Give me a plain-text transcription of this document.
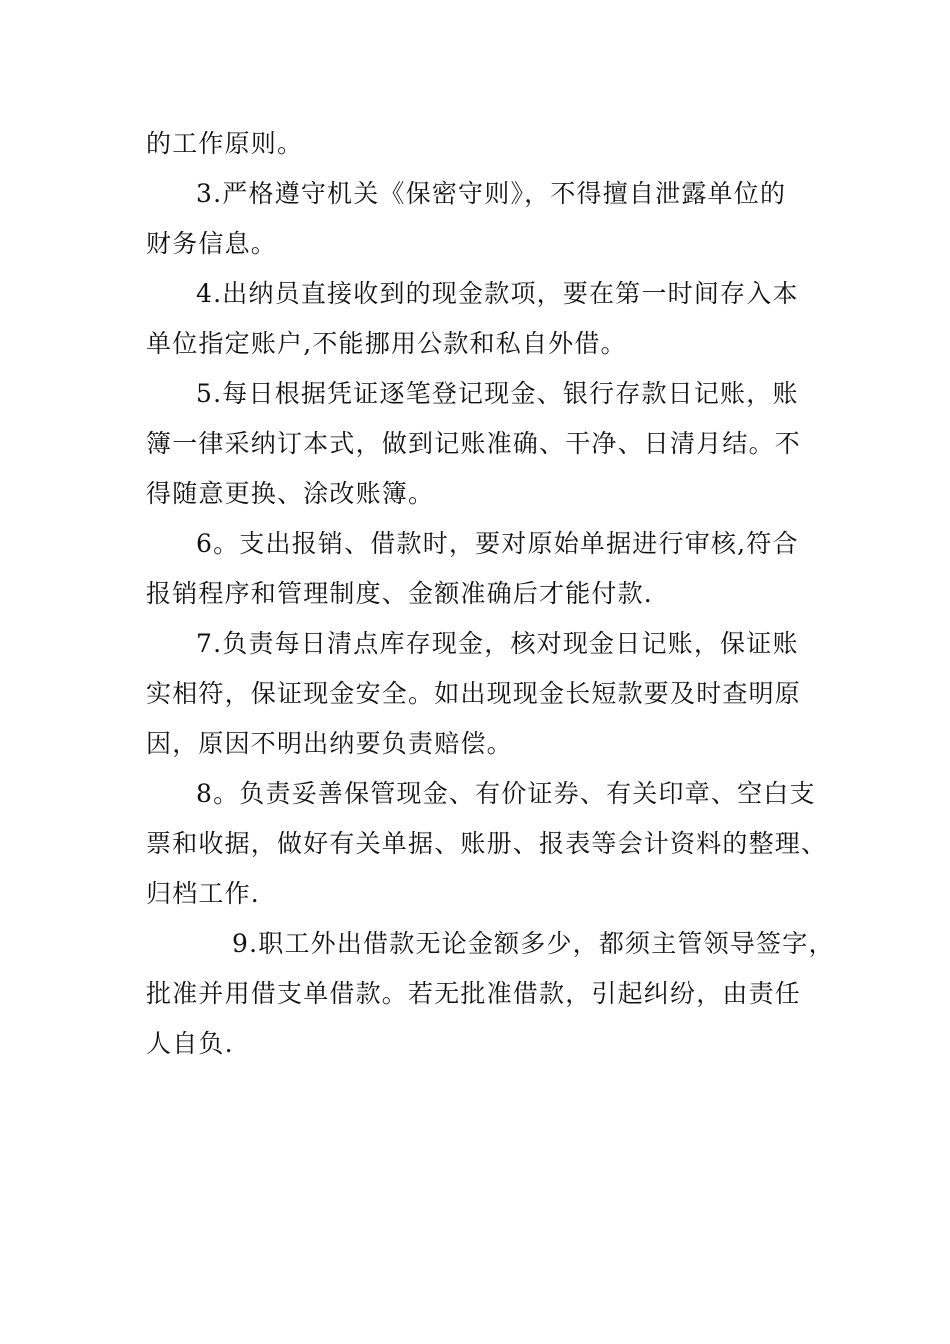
的工作原则。
3.严格遵守机关《保密守则》，不得擅自泄露单位的
财务信息。
4.出纳员直接收到的现金款项，要在第一时间存入本
单位指定账户,不能挪用公款和私自外借。
5.每日根据凭证逐笔登记现金、银行存款日记账，账
簿一律采纳订本式，做到记账准确、干净、日清月结。不
得随意更换、涂改账簿。
6。支出报销、借款时，要对原始单据进行审核,符合
报销程序和管理制度、金额准确后才能付款.
7.负责每日清点库存现金，核对现金日记账，保证账
实相符，保证现金安全。如出现现金长短款要及时查明原
因，原因不明出纳要负责赔偿。
8。负责妥善保管现金、有价证券、有关印章、空白支
票和收据，做好有关单据、账册、报表等会计资料的整理、
归档工作.
9.职工外出借款无论金额多少，都须主管领导签字，
批准并用借支单借款。若无批准借款，引起纠纷，由责任
人自负.
